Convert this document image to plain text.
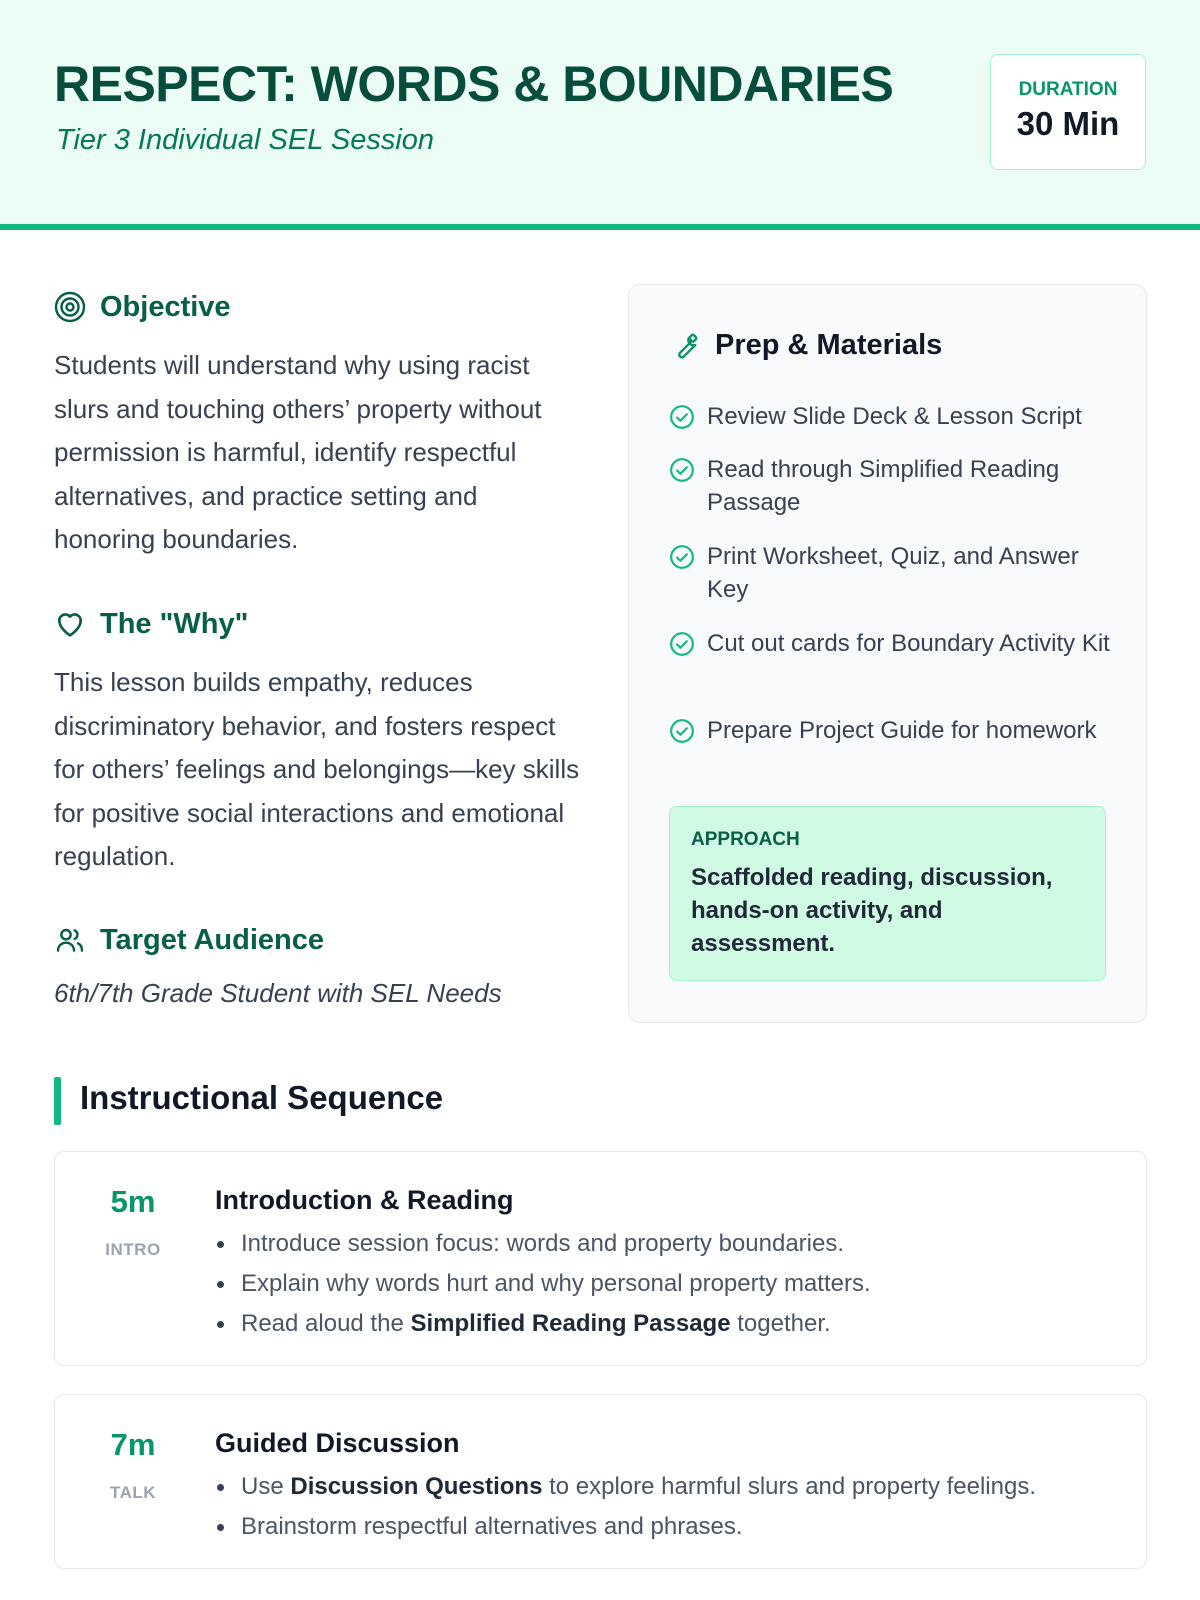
RESPECT: WORDS & BOUNDARIES
Tier 3 Individual SEL Session
DURATION
30 Min
Objective

Students will understand why using racist slurs and touching others’ property without permission is harmful, identify respectful alternatives, and practice setting and honoring boundaries.

The "Why"

This lesson builds empathy, reduces discriminatory behavior, and fosters respect for others’ feelings and belongings—key skills for positive social interactions and emotional regulation.

Target Audience
6th/7th Grade Student with SEL Needs
Prep & Materials
Review Slide Deck & Lesson Script
Read through Simplified Reading Passage
Print Worksheet, Quiz, and Answer Key
Cut out cards for Boundary Activity Kit
Prepare Project Guide for homework
APPROACH
Scaffolded reading, discussion, hands-on activity, and assessment.
Instructional Sequence
5m
INTRO
Introduction & Reading
Introduce session focus: words and property boundaries.
Explain why words hurt and why personal property matters.
Read aloud the Simplified Reading Passage together.
7m
TALK
Guided Discussion
Use Discussion Questions to explore harmful slurs and property feelings.
Brainstorm respectful alternatives and phrases.
